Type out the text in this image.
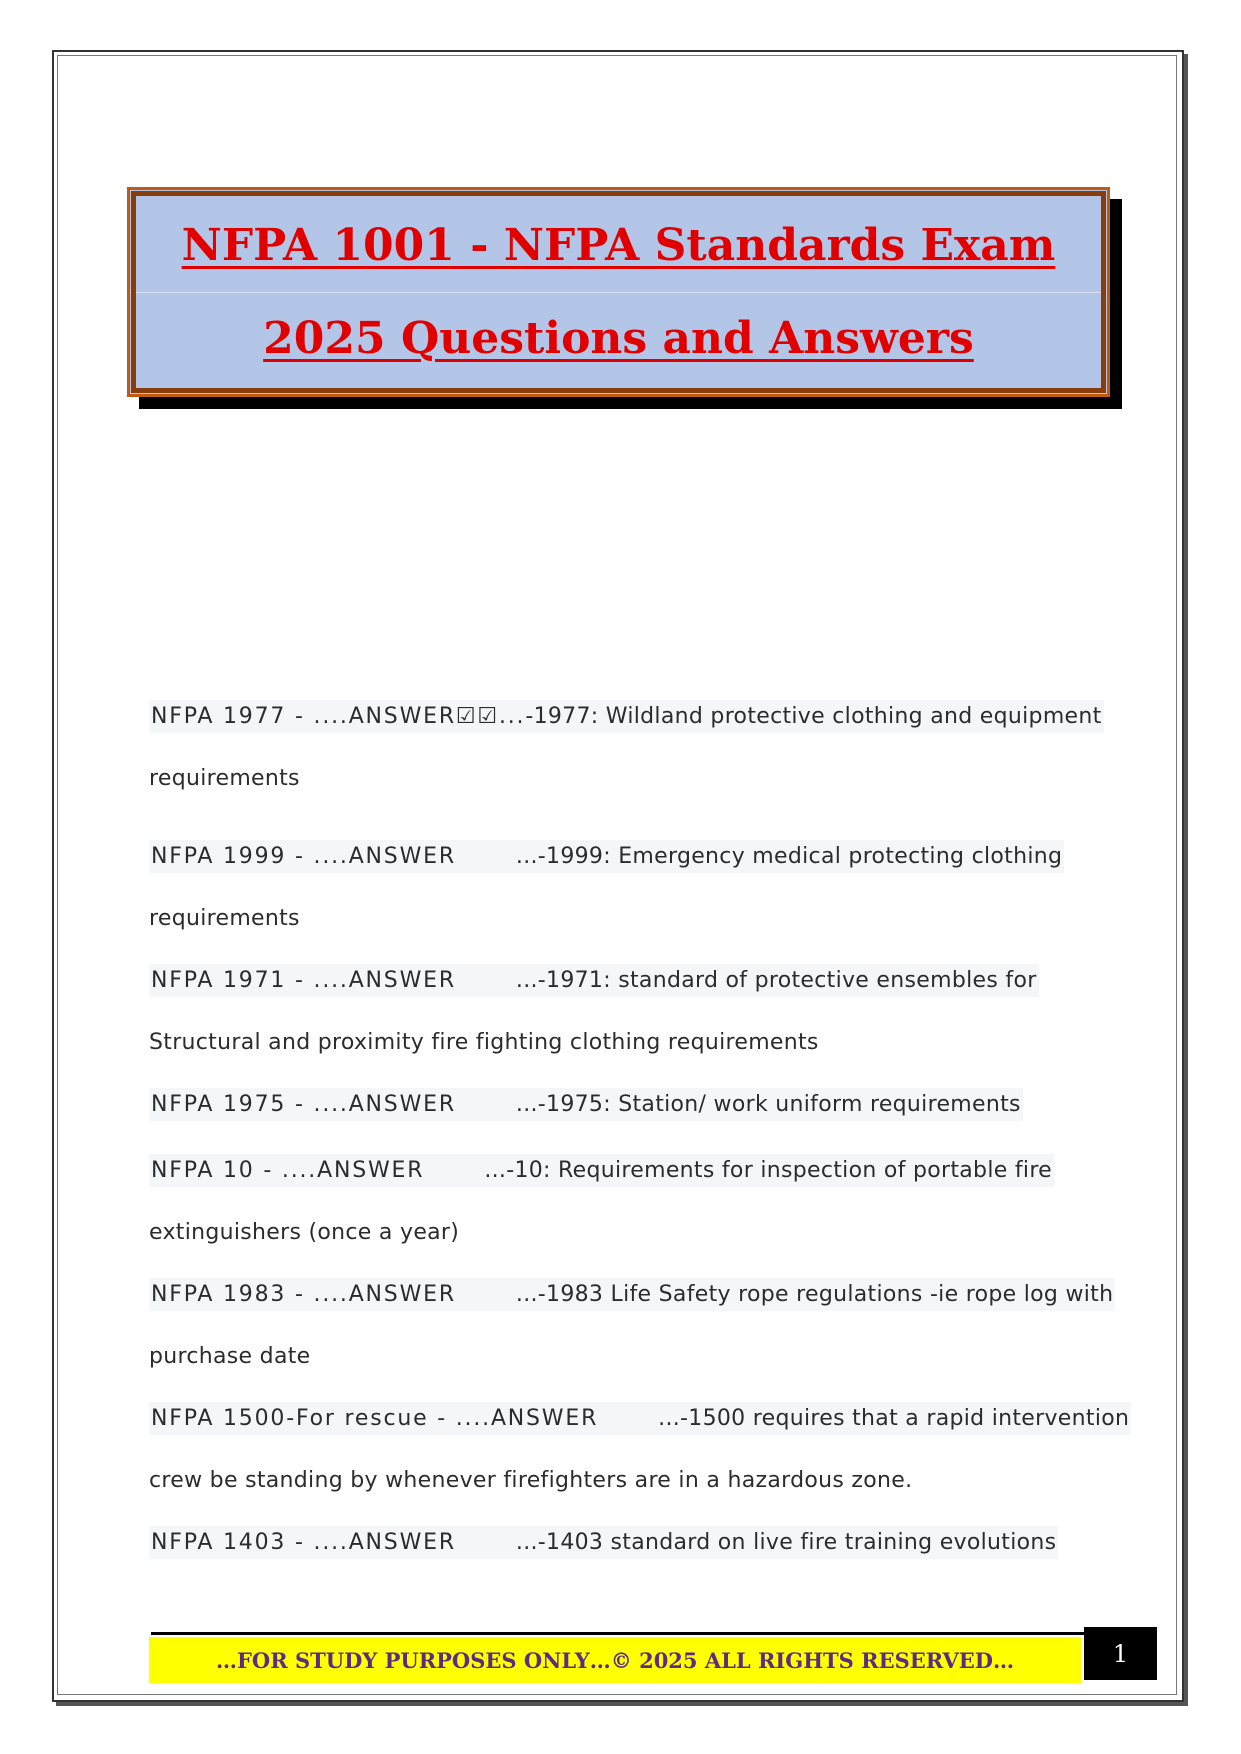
NFPA 1001 - NFPA Standards Exam
2025 Questions and Answers
NFPA 1977 - ....ANSWER☑☑...-1977: Wildland protective clothing and equipment
requirements
NFPA 1999 - ....ANSWER	...-1999: Emergency medical protecting clothing
requirements
NFPA 1971 - ....ANSWER	...-1971: standard of protective ensembles for
Structural and proximity fire fighting clothing requirements
NFPA 1975 - ....ANSWER	...-1975: Station/ work uniform requirements
NFPA 10 - ....ANSWER	...-10: Requirements for inspection of portable fire
extinguishers (once a year)
NFPA 1983 - ....ANSWER	...-1983 Life Safety rope regulations -ie rope log with
purchase date
NFPA 1500-For rescue - ....ANSWER	...-1500 requires that a rapid intervention
crew be standing by whenever firefighters are in a hazardous zone.
NFPA 1403 - ....ANSWER	...-1403 standard on live fire training evolutions
…FOR STUDY PURPOSES ONLY…© 2025 ALL RIGHTS RESERVED…	1
